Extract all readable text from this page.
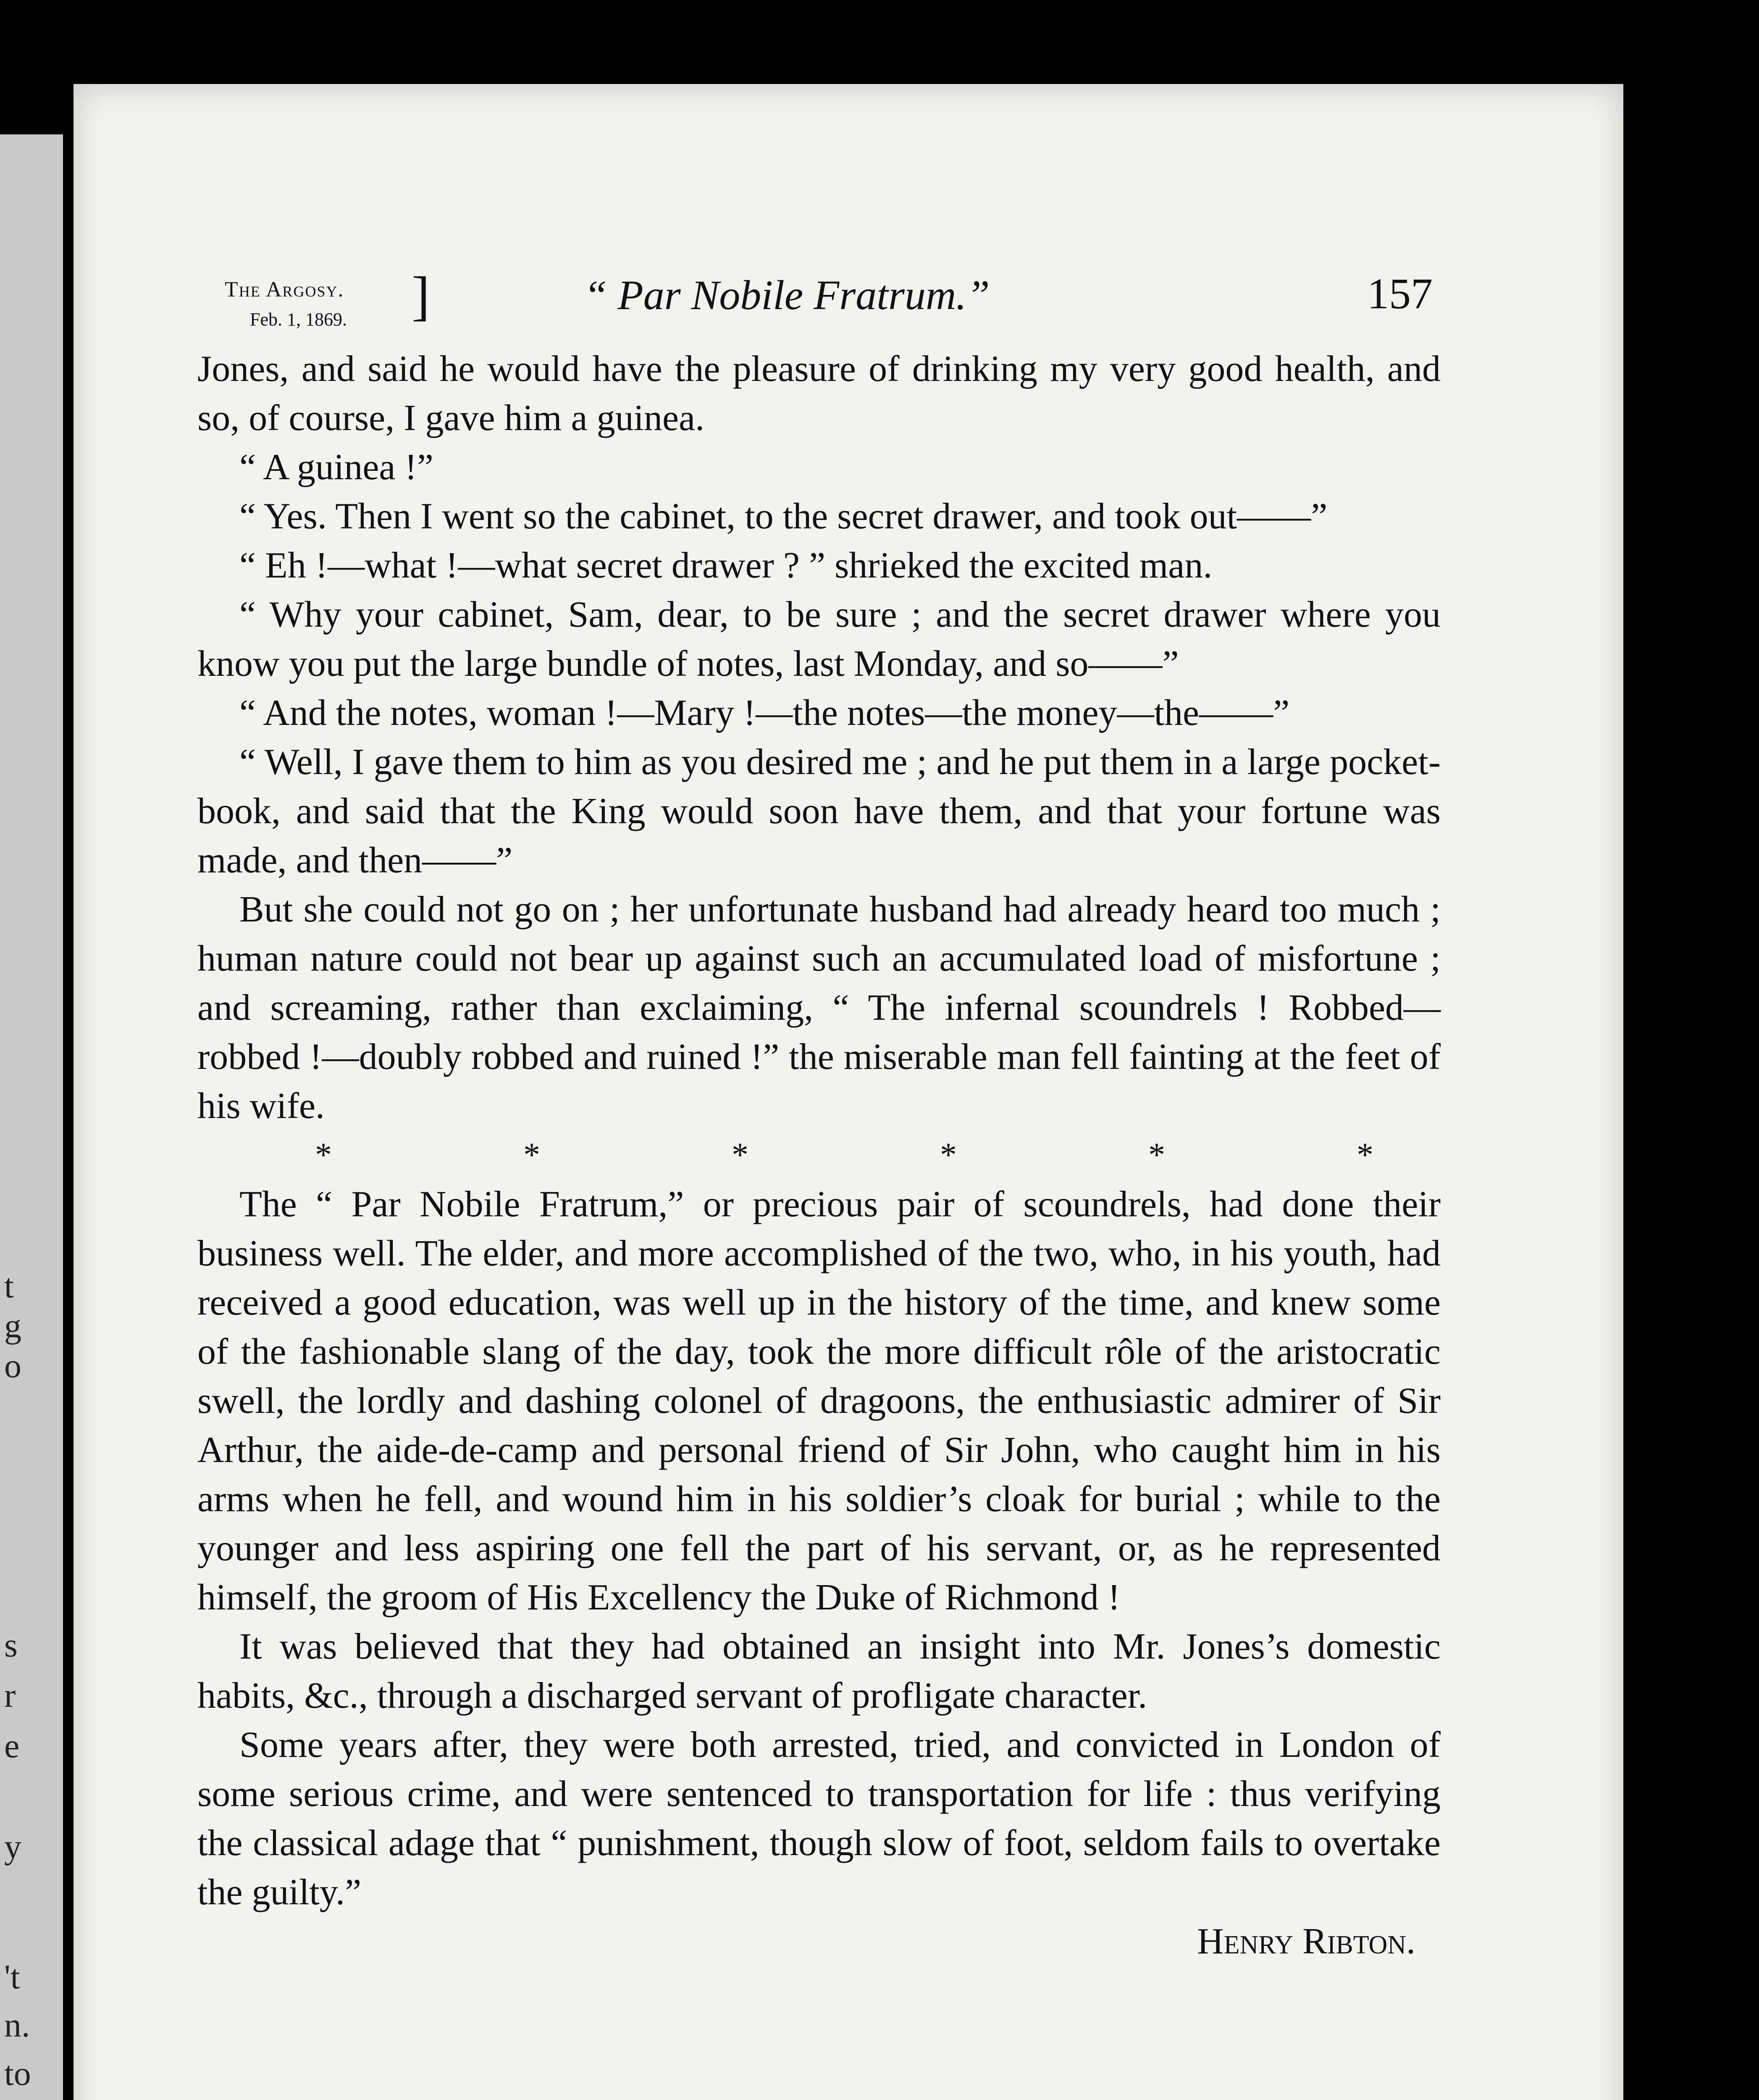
t
g
o
s
r
e
y
't
n.
to
The Argosy.
Feb. 1, 1869. ]	“ Par Nobile Fratrum.”	157

Jones, and said he would have the pleasure of drinking my very good health, and so, of course, I gave him a guinea.

“ A guinea !”

“ Yes. Then I went so the cabinet, to the secret drawer, and took out——”

“ Eh !—what !—what secret drawer ? ” shrieked the excited man.

“ Why your cabinet, Sam, dear, to be sure ; and the secret drawer where you know you put the large bundle of notes, last Monday, and so——”

“ And the notes, woman !—Mary !—the notes—the money—the——”

“ Well, I gave them to him as you desired me ; and he put them in a large pocket-book, and said that the King would soon have them, and that your fortune was made, and then——”

But she could not go on ; her unfortunate husband had already heard too much ; human nature could not bear up against such an accumulated load of misfortune ; and screaming, rather than exclaiming, “ The infernal scoundrels ! Robbed—robbed !—doubly robbed and ruined !” the miserable man fell fainting at the feet of his wife.

*	*	*	*	*	*

The “ Par Nobile Fratrum,” or precious pair of scoundrels, had done their business well. The elder, and more accomplished of the two, who, in his youth, had received a good education, was well up in the history of the time, and knew some of the fashionable slang of the day, took the more difficult rôle of the aristocratic swell, the lordly and dashing colonel of dragoons, the enthusiastic admirer of Sir Arthur, the aide-de-camp and personal friend of Sir John, who caught him in his arms when he fell, and wound him in his soldier’s cloak for burial ; while to the younger and less aspiring one fell the part of his servant, or, as he represented himself, the groom of His Excellency the Duke of Richmond !

It was believed that they had obtained an insight into Mr. Jones’s domestic habits, &c., through a discharged servant of profligate character.

Some years after, they were both arrested, tried, and convicted in London of some serious crime, and were sentenced to transportation for life : thus verifying the classical adage that “ punishment, though slow of foot, seldom fails to overtake the guilty.”

Henry Ribton.
